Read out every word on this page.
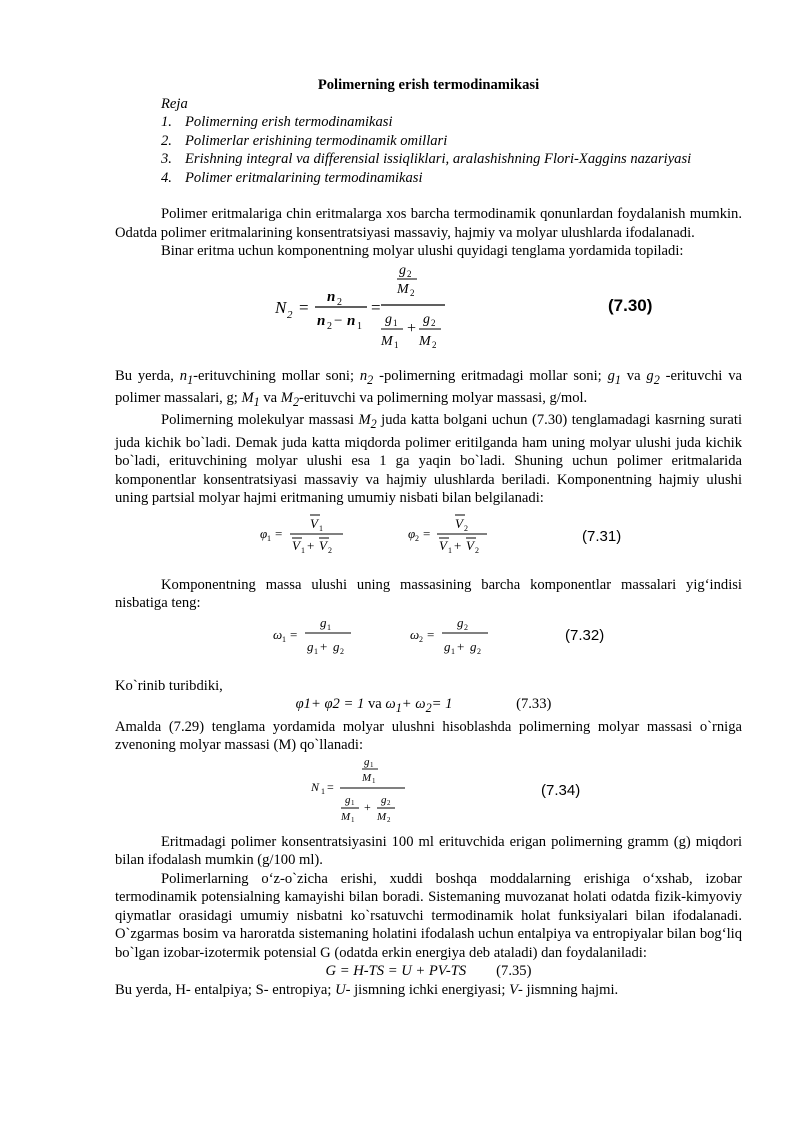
Polimerning erish termodinamikasi

Reja
1. Polimerning erish termodinamikasi
2. Polimerlar erishining termodinamik omillari
3. Erishning integral va differensial issiqliklari, aralashishning Flori-Xaggins nazariyasi
4. Polimer eritmalarining termodinamikasi

Polimer eritmalariga chin eritmalarga xos barcha termodinamik qonunlardan foydalanish mumkin. Odatda polimer eritmalarining konsentratsiyasi massaviy, hajmiy va molyar ulushlarda ifodalanadi.

Binar eritma uchun komponentning molyar ulushi quyidagi tenglama yordamida topiladi:

N 2 =
n 2
n 2 − n 1
=
g 2
M 2
g 1
M 1
+
g 2
M 2
(7.30)

Bu yerda, $n_1$-erituvchining mollar soni; $n_2$ -polimerning eritmadagi mollar soni; $g_1$ va $g_2$ -erituvchi va polimer massalari, g; $M_1$ va $M_2$-erituvchi va polimerning molyar massasi, g/mol.

Polimerning molekulyar massasi $M_2$ juda katta bolgani uchun (7.30) tenglamadagi kasrning surati juda kichik bo`ladi. Demak juda katta miqdorda polimer eritilganda ham uning molyar ulushi juda kichik bo`ladi, erituvchining molyar ulushi esa 1 ga yaqin bo`ladi. Shuning uchun polimer eritmalarida komponentlar konsentratsiyasi massaviy va hajmiy ulushlarda beriladi. Komponentning hajmiy ulushi uning partsial molyar hajmi eritmaning umumiy nisbati bilan belgilanadi:

φ 1 =
V 1
V 1 + V 2
φ 2 =
V 2
V 1 + V 2
(7.31)

Komponentning massa ulushi uning massasining barcha komponentlar massalari yig‘indisi nisbatiga teng:

ω 1 =
g 1
g 1 + g 2
ω 2 =
g 2
g 1 + g 2
(7.32)

Ko`rinib turibdiki,

φ1+ φ2 = 1 va $\omega_1+ \omega_2= 1$	(7.33)

Amalda (7.29) tenglama yordamida molyar ulushni hisoblashda polimerning molyar massasi o`rniga zvenoning molyar massasi (M) qo`llanadi:

N 1 =
g 1
M 1
g 1
M 1
+ g 2
M 2
(7.34)

Eritmadagi polimer konsentratsiyasini 100 ml erituvchida erigan polimerning gramm (g) miqdori bilan ifodalash mumkin (g/100 ml).

Polimerlarning o‘z-o`zicha erishi, xuddi boshqa moddalarning erishiga o‘xshab, izobar termodinamik potensialning kamayishi bilan boradi. Sistemaning muvozanat holati odatda fizik-kimyoviy qiymatlar orasidagi umumiy nisbatni ko`rsatuvchi termodinamik holat funksiyalari bilan ifodalanadi. O`zgarmas bosim va haroratda sistemaning holatini ifodalash uchun entalpiya va entropiyalar bilan bog‘liq bo`lgan izobar-izotermik potensial G (odatda erkin energiya deb ataladi) dan foydalaniladi:

G = H-TS = U + PV-TS (7.35)

Bu yerda, H- entalpiya; S- entropiya; U- jismning ichki energiyasi; V- jismning hajmi.
